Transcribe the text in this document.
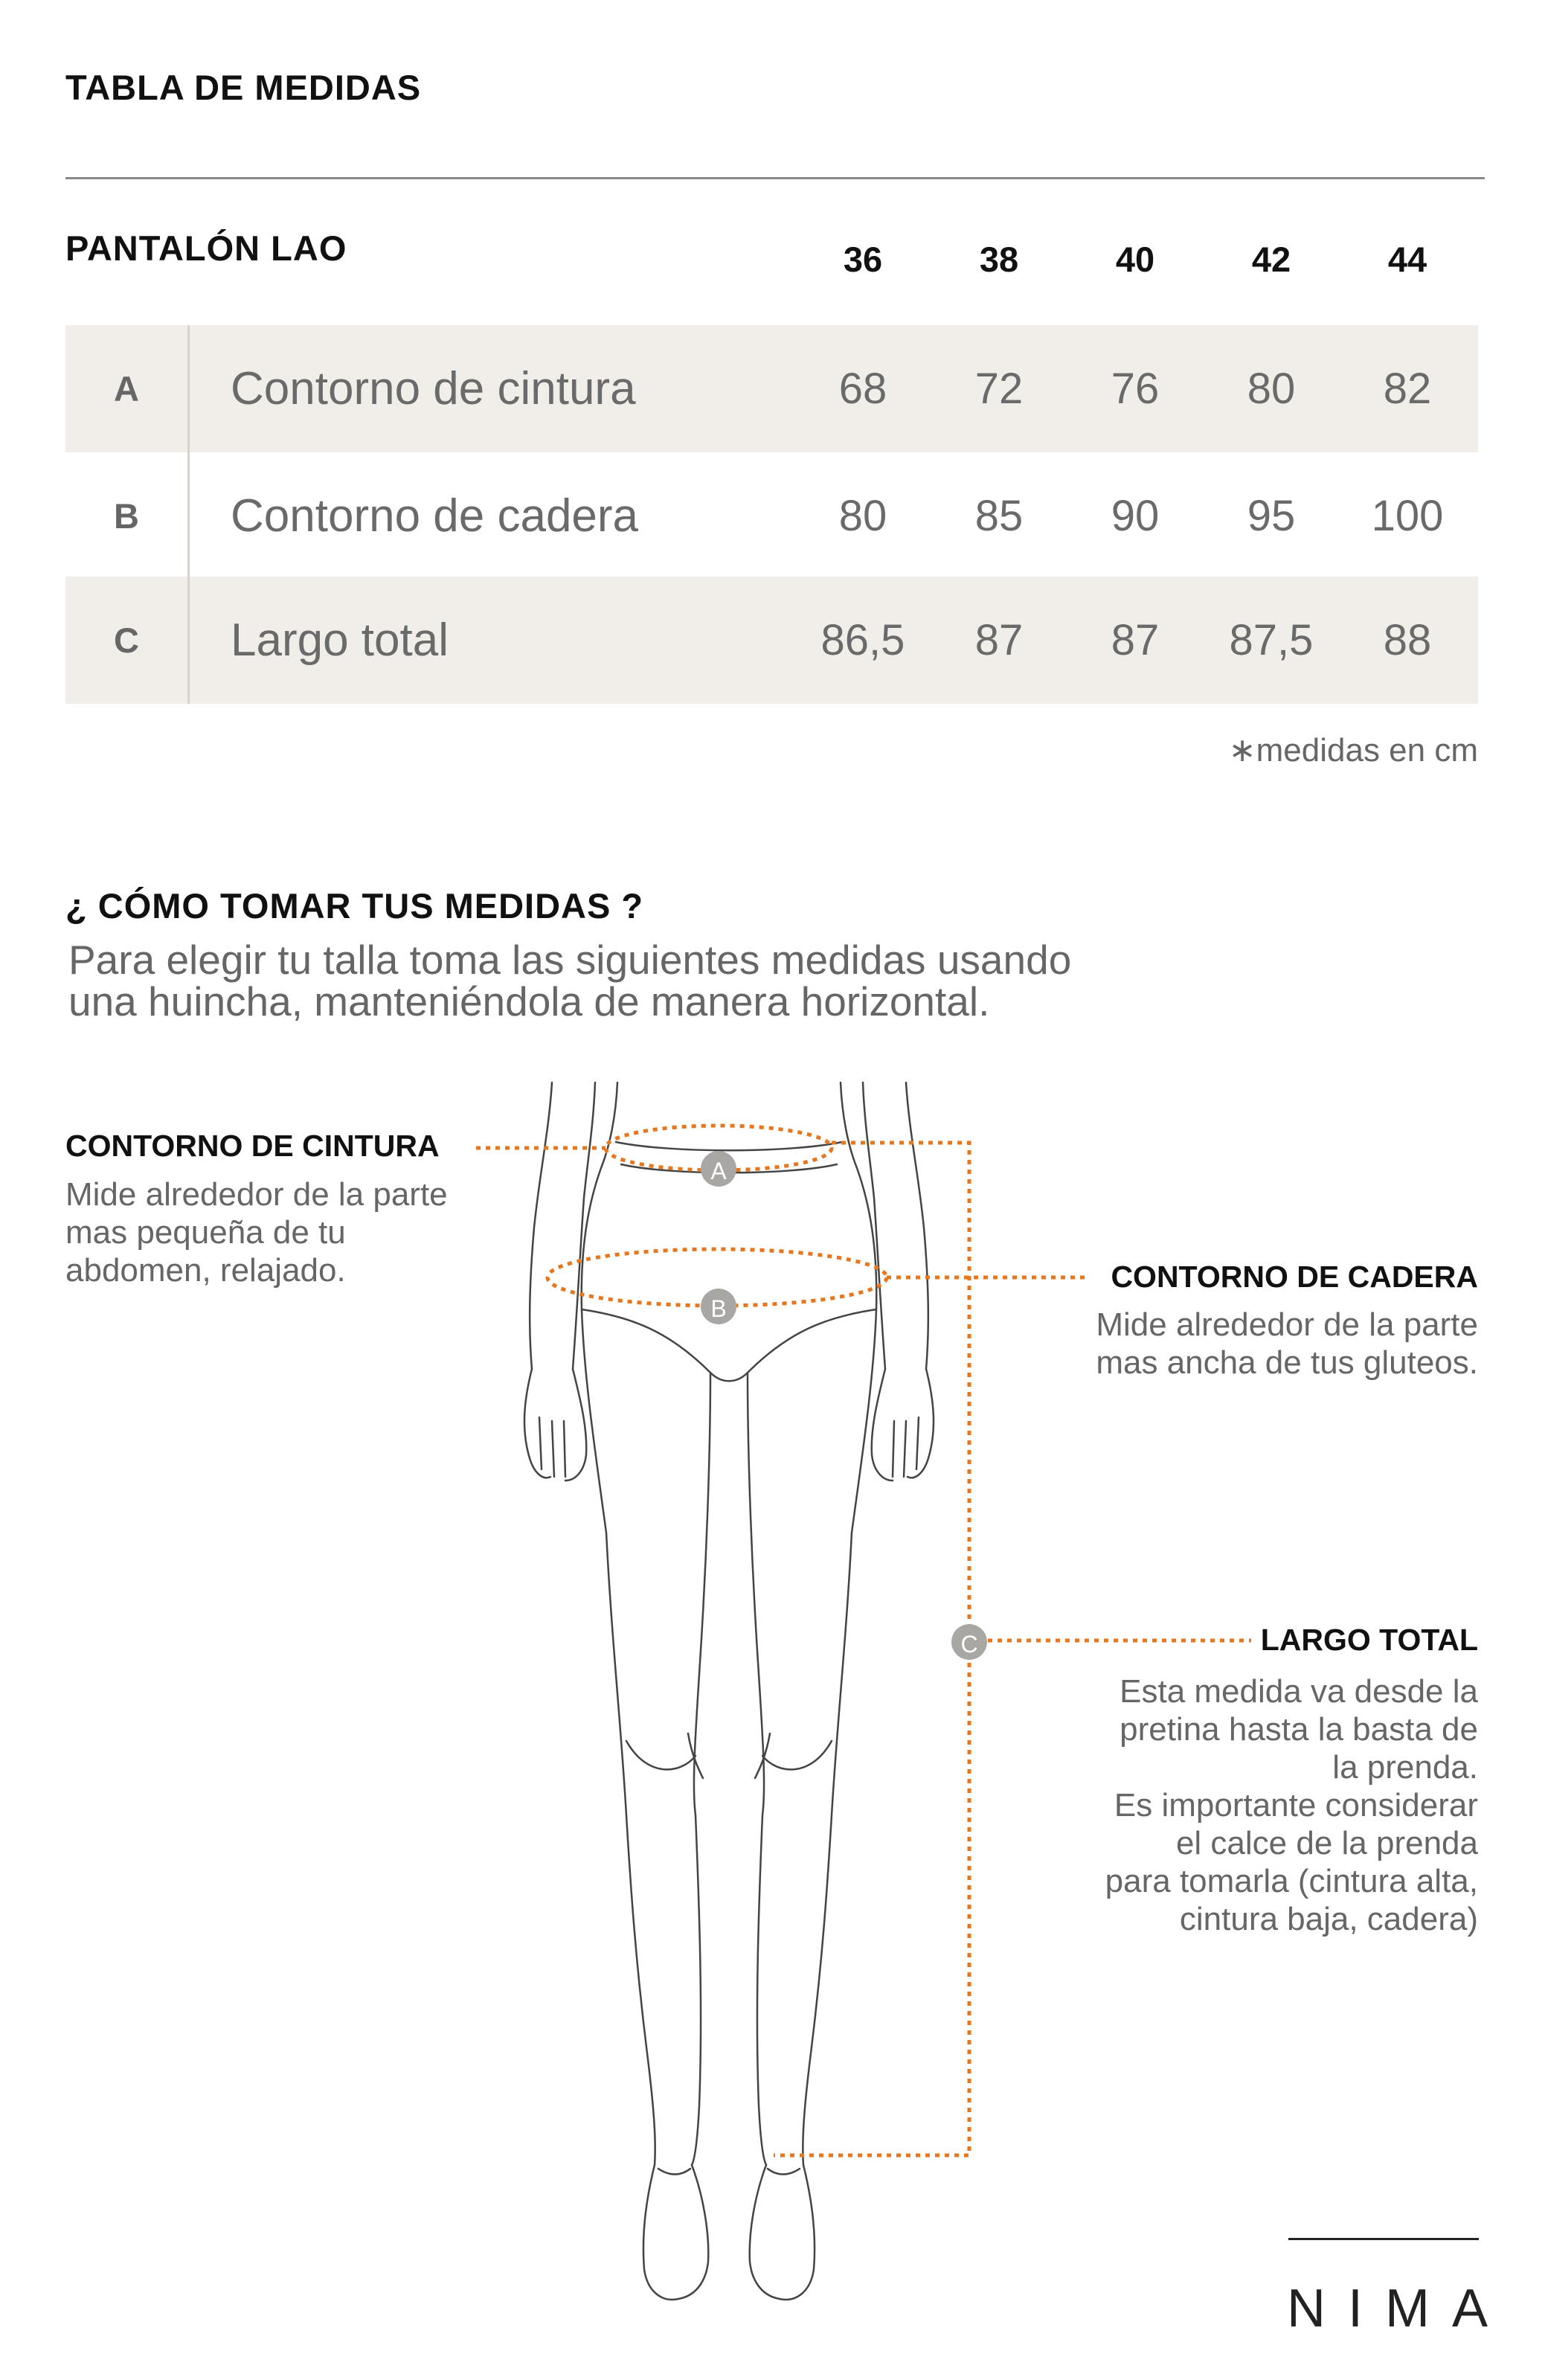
TABLA DE MEDIDAS
PANTALÓN LAO	36	38	40	42	44
A	Contorno de cintura	68	72	76	80	82
B	Contorno de cadera	80	85	90	95	100
C	Largo total	86,5	87	87	87,5	88
∗medidas en cm
¿ CÓMO TOMAR TUS MEDIDAS ?
Para elegir tu talla toma las siguientes medidas usando
una huincha, manteniéndola de manera horizontal.
A
B
C
CONTORNO DE CINTURA
Mide alrededor de la parte
mas pequeña de tu
abdomen, relajado.	CONTORNO DE CADERA
Mide alrededor de la parte
mas ancha de tus gluteos.
LARGO TOTAL
Esta medida va desde la
pretina hasta la basta de
la prenda.
Es importante considerar
el calce de la prenda
para tomarla (cintura alta,
cintura baja, cadera)
NIMA
